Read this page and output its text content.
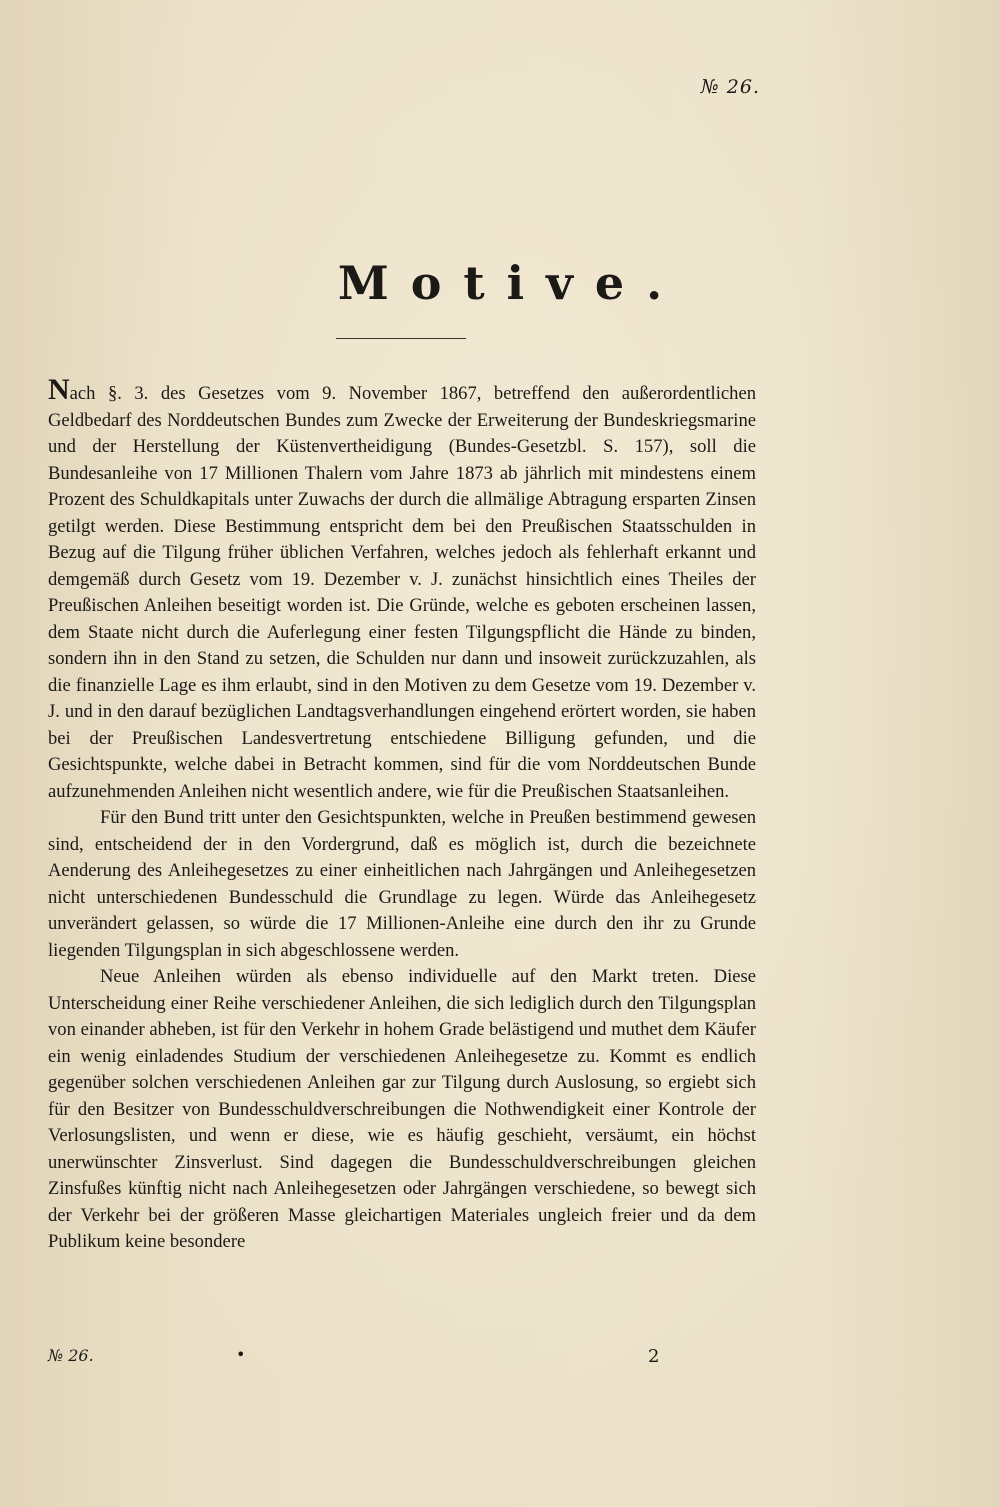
№ 26.
Motive.

Nach §. 3. des Gesetzes vom 9. November 1867, betreffend den außerordentlichen Geldbedarf des Norddeutschen Bundes zum Zwecke der Erweiterung der Bundeskriegsmarine und der Herstellung der Küstenvertheidigung (Bundes-Gesetzbl. S. 157), soll die Bundesanleihe von 17 Millionen Thalern vom Jahre 1873 ab jährlich mit mindestens einem Prozent des Schuldkapitals unter Zuwachs der durch die allmälige Abtragung ersparten Zinsen getilgt werden. Diese Bestimmung entspricht dem bei den Preußischen Staatsschulden in Bezug auf die Tilgung früher üblichen Verfahren, welches jedoch als fehlerhaft erkannt und demgemäß durch Gesetz vom 19. Dezember v. J. zunächst hinsichtlich eines Theiles der Preußischen Anleihen beseitigt worden ist. Die Gründe, welche es geboten erscheinen lassen, dem Staate nicht durch die Auferlegung einer festen Tilgungspflicht die Hände zu binden, sondern ihn in den Stand zu setzen, die Schulden nur dann und insoweit zurückzuzahlen, als die finanzielle Lage es ihm erlaubt, sind in den Motiven zu dem Gesetze vom 19. Dezember v. J. und in den darauf bezüglichen Landtagsverhandlungen eingehend erörtert worden, sie haben bei der Preußischen Landesvertretung entschiedene Billigung gefunden, und die Gesichtspunkte, welche dabei in Betracht kommen, sind für die vom Norddeutschen Bunde aufzunehmenden Anleihen nicht wesentlich andere, wie für die Preußischen Staatsanleihen.

Für den Bund tritt unter den Gesichtspunkten, welche in Preußen bestimmend gewesen sind, entscheidend der in den Vordergrund, daß es möglich ist, durch die bezeichnete Aenderung des Anleihegesetzes zu einer einheitlichen nach Jahrgängen und Anleihegesetzen nicht unterschiedenen Bundesschuld die Grundlage zu legen. Würde das Anleihegesetz unverändert gelassen, so würde die 17 Millionen-Anleihe eine durch den ihr zu Grunde liegenden Tilgungsplan in sich abgeschlossene werden.

Neue Anleihen würden als ebenso individuelle auf den Markt treten. Diese Unterscheidung einer Reihe verschiedener Anleihen, die sich lediglich durch den Tilgungsplan von einander abheben, ist für den Verkehr in hohem Grade belästigend und muthet dem Käufer ein wenig einladendes Studium der verschiedenen Anleihegesetze zu. Kommt es endlich gegenüber solchen verschiedenen Anleihen gar zur Tilgung durch Auslosung, so ergiebt sich für den Besitzer von Bundesschuldverschreibungen die Nothwendigkeit einer Kontrole der Verlosungslisten, und wenn er diese, wie es häufig geschieht, versäumt, ein höchst unerwünschter Zinsverlust. Sind dagegen die Bundesschuldverschreibungen gleichen Zinsfußes künftig nicht nach Anleihegesetzen oder Jahrgängen verschiedene, so bewegt sich der Verkehr bei der größeren Masse gleichartigen Materiales ungleich freier und da dem Publikum keine besondere

№ 26.	•	2
